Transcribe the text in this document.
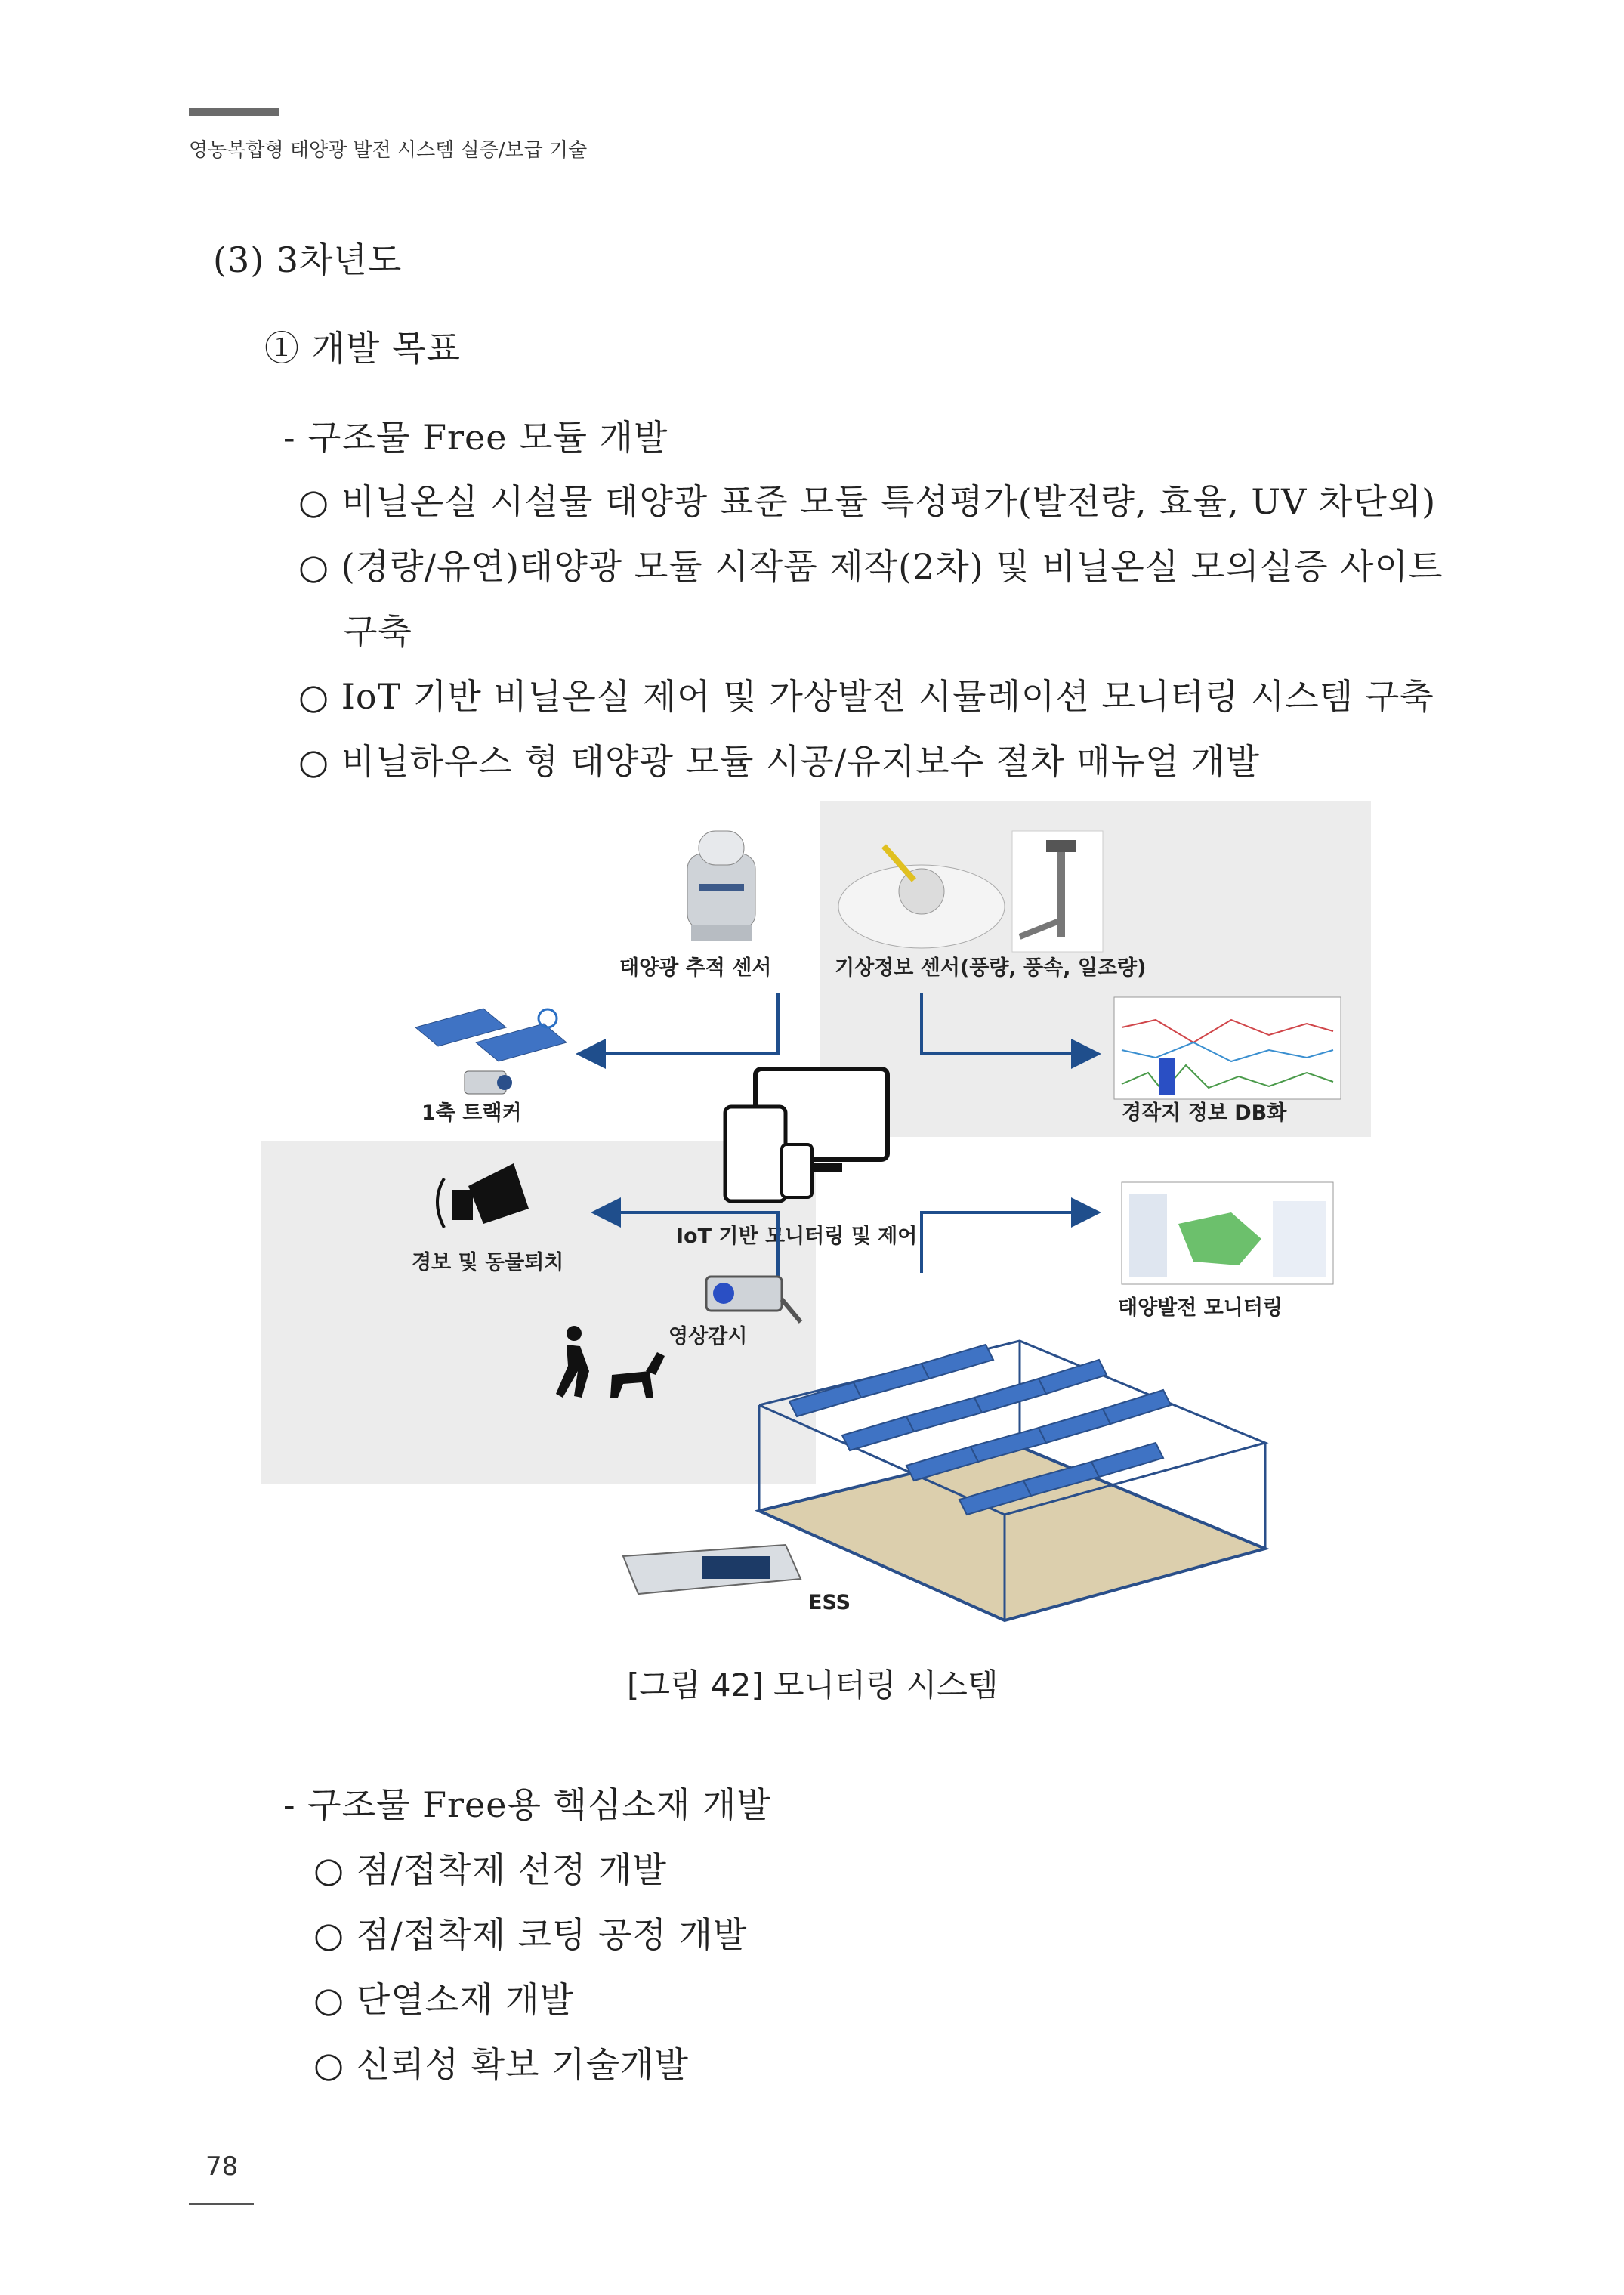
영농복합형 태양광 발전 시스템 실증/보급 기술
(3) 3차년도
① 개발 목표
- 구조물 Free 모듈 개발
○ 비닐온실 시설물 태양광 표준 모듈 특성평가(발전량, 효율, UV 차단외)
○ (경량/유연)태양광 모듈 시작품 제작(2차) 및 비닐온실 모의실증 사이트
구축
○ IoT 기반 비닐온실 제어 및 가상발전 시뮬레이션 모니터링 시스템 구축
○ 비닐하우스 형 태양광 모듈 시공/유지보수 절차 매뉴얼 개발
태양광 추적 센서	기상정보 센서(풍량, 풍속, 일조량)
1축 트랙커	경작지 정보 DB화
IoT 기반 모니터링 및 제어
태양발전 모니터링
경보 및 동물퇴치
영상감시
ESS
[그림 42] 모니터링 시스템
- 구조물 Free용 핵심소재 개발
○ 점/접착제 선정 개발
○ 점/접착제 코팅 공정 개발
○ 단열소재 개발
○ 신뢰성 확보 기술개발
78
